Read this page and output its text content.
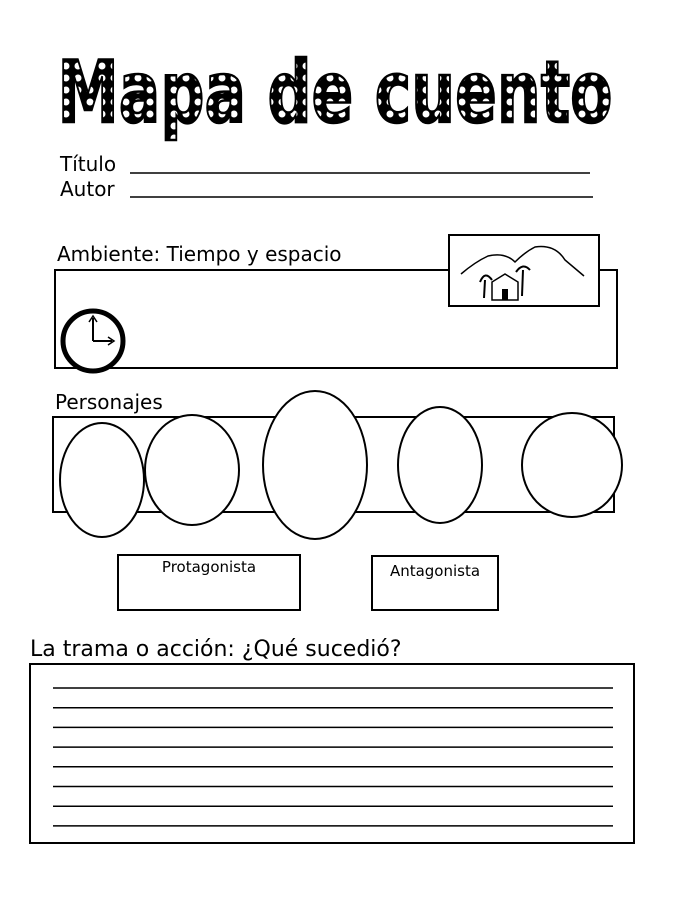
Mapa de cuento
Título
Autor
Ambiente: Tiempo y espacio
Personajes
Protagonista	Antagonista
La trama o acción: ¿Qué sucedió?
